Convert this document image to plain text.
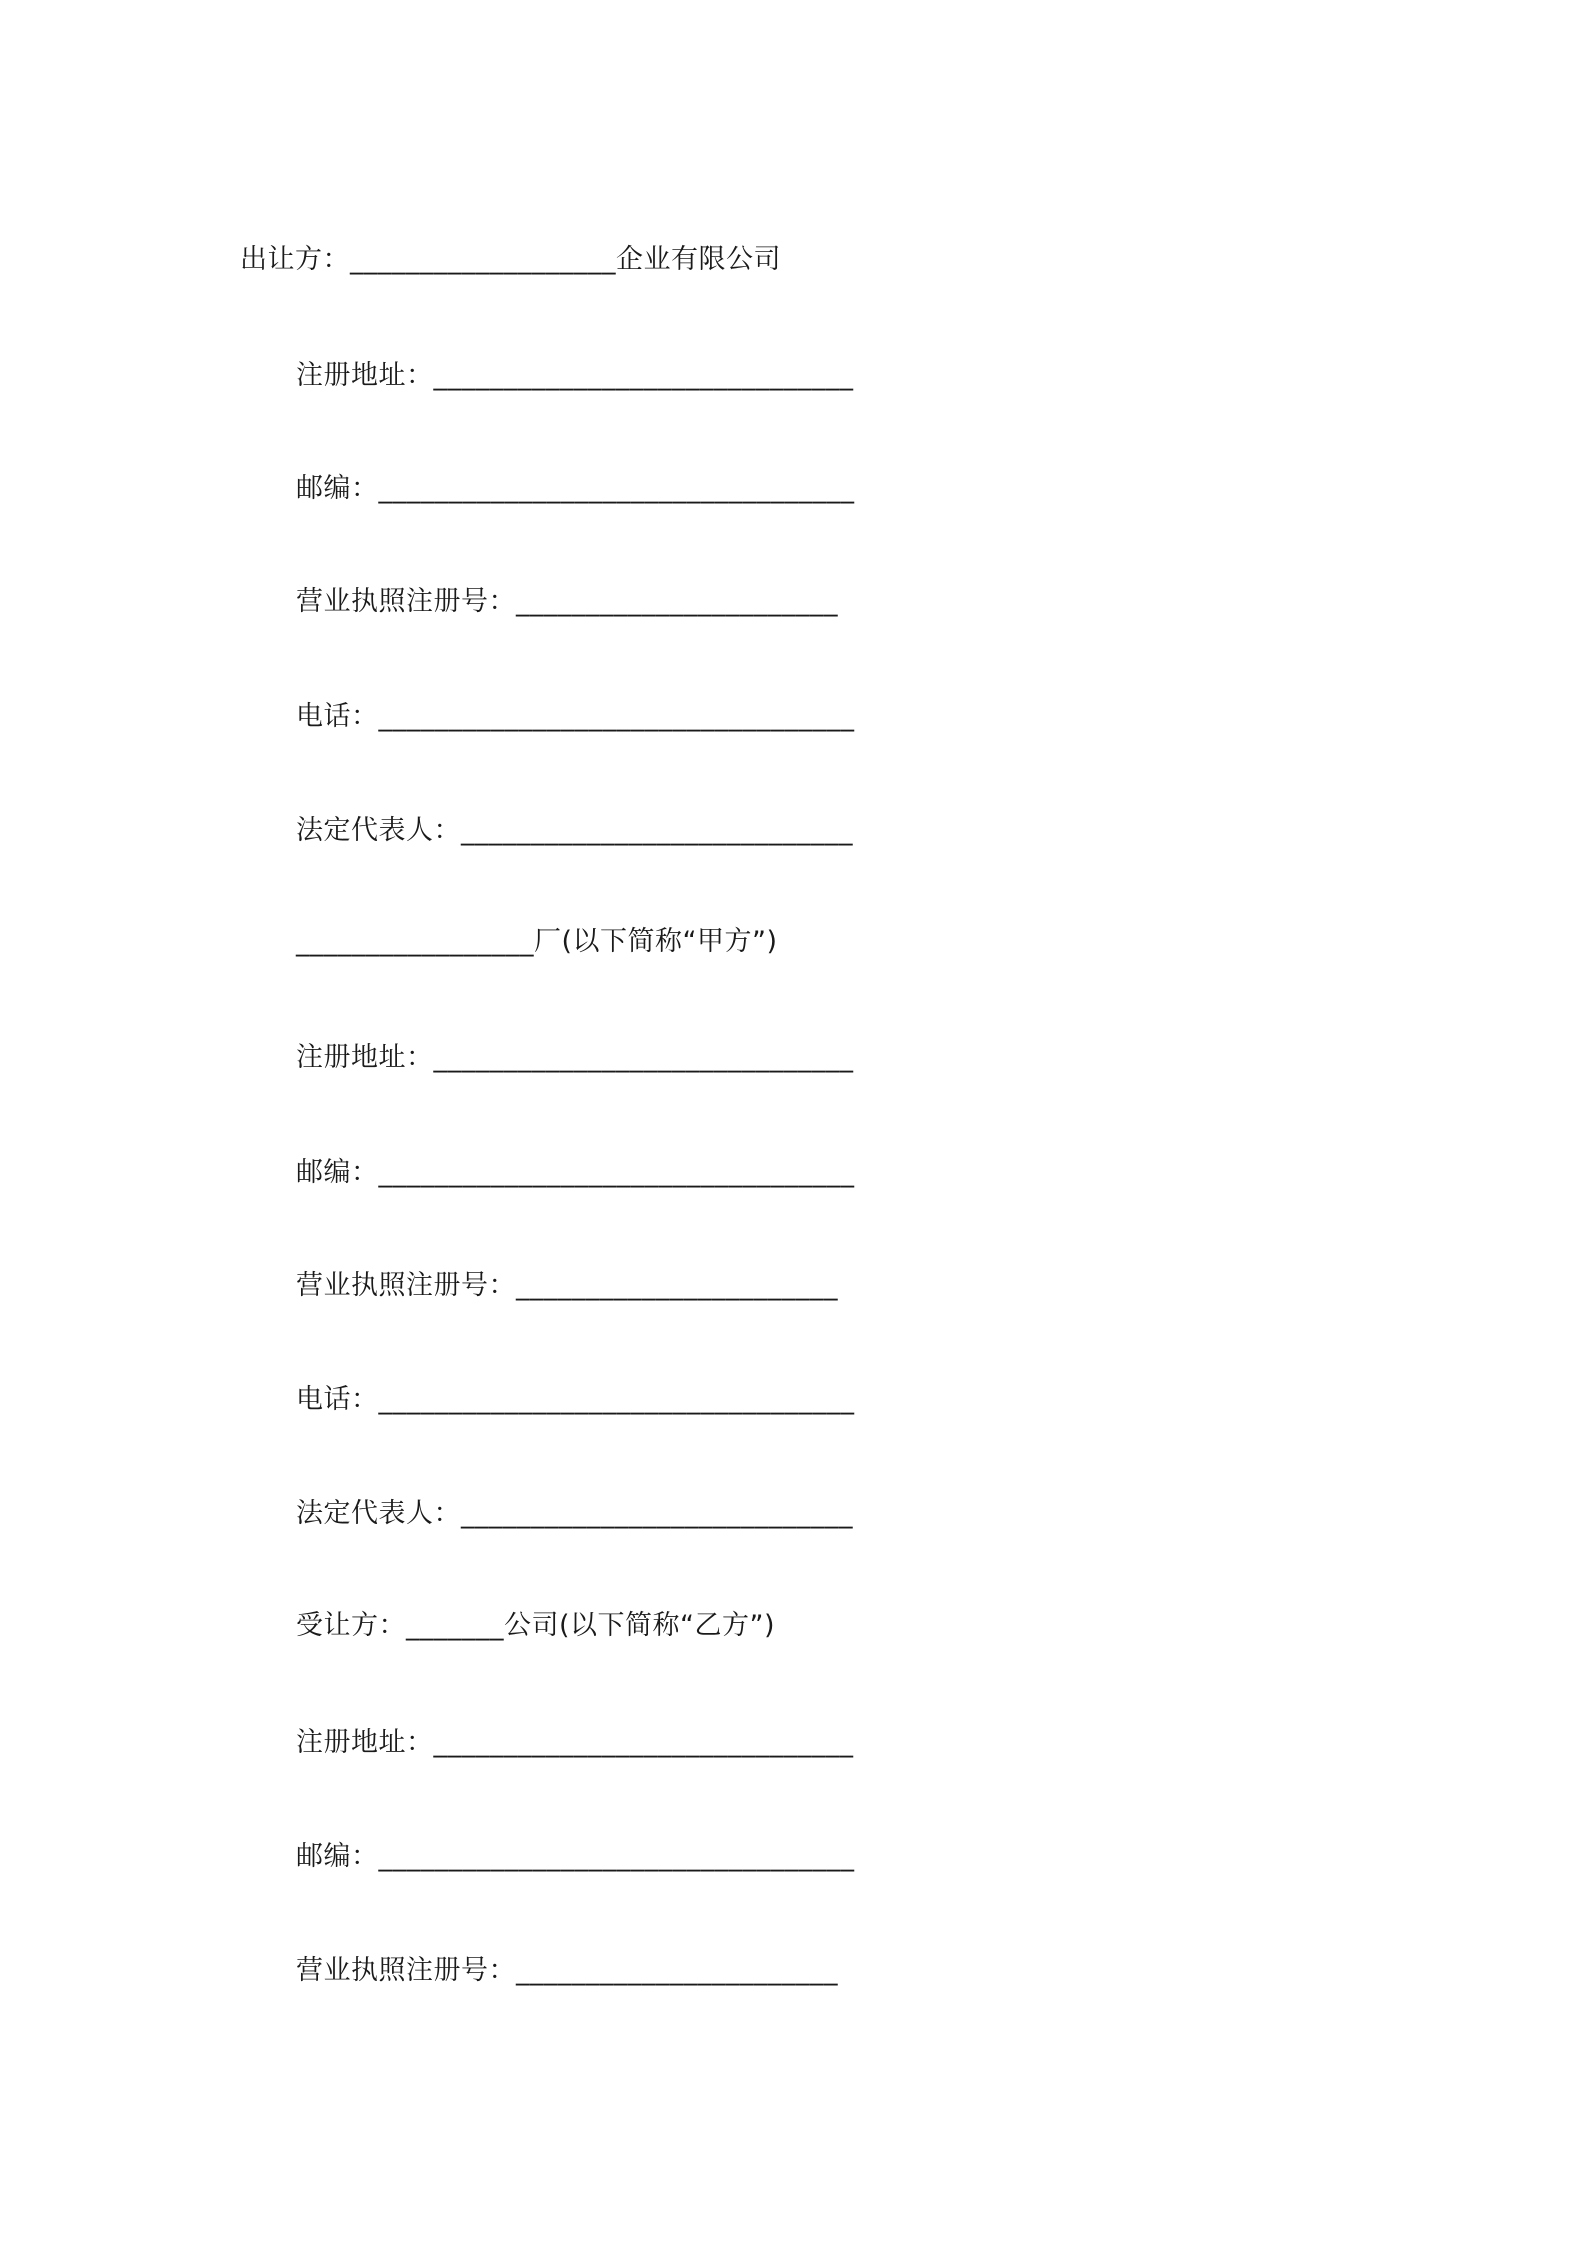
出让方：___________________企业有限公司
注册地址：______________________________
邮编：__________________________________
营业执照注册号：_______________________
电话：__________________________________
法定代表人：____________________________
_________________厂(以下简称“甲方”)
注册地址：______________________________
邮编：__________________________________
营业执照注册号：_______________________
电话：__________________________________
法定代表人：____________________________
受让方：_______公司(以下简称“乙方”)
注册地址：______________________________
邮编：__________________________________
营业执照注册号：_______________________
